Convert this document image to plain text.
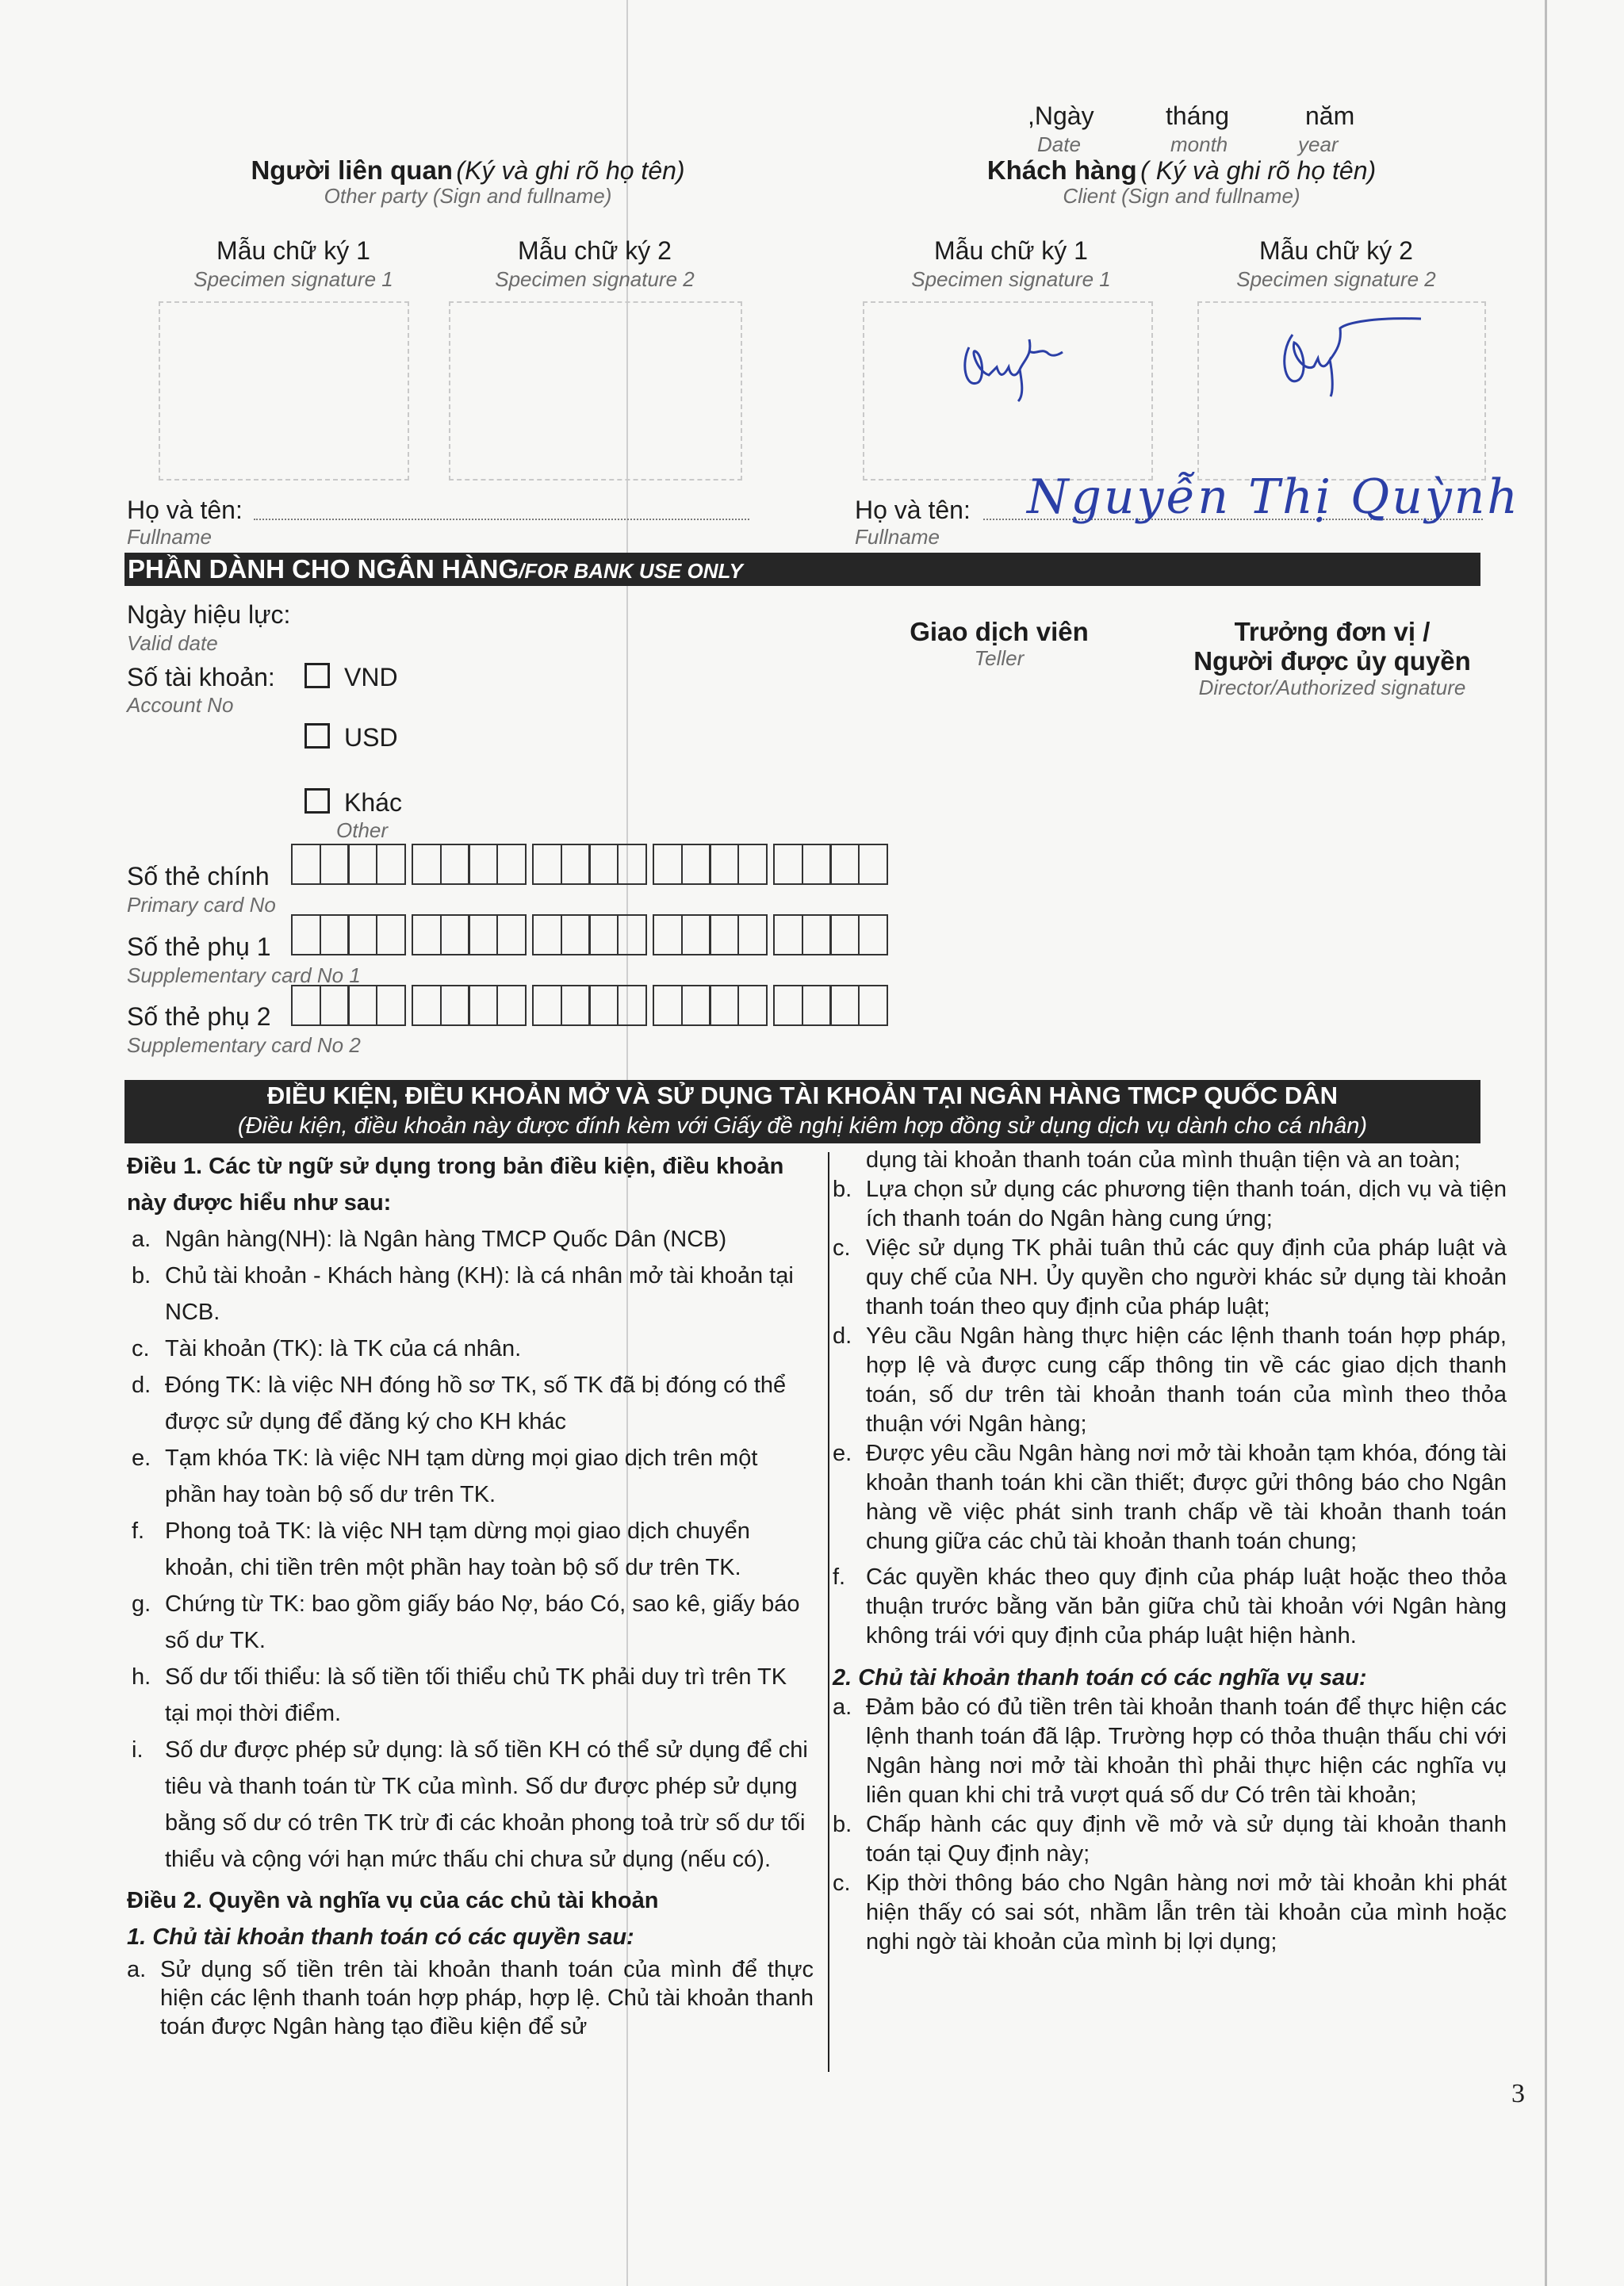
,Ngày	tháng	năm
Date	month	year
Người liên quan (Ký và ghi rõ họ tên)
Other party (Sign and fullname)
Khách hàng ( Ký và ghi rõ họ tên)
Client (Sign and fullname)
Mẫu chữ ký 1
Specimen signature 1
Mẫu chữ ký 2
Specimen signature 2
Mẫu chữ ký 1
Specimen signature 1
Mẫu chữ ký 2
Specimen signature 2
Họ và tên:
Fullname
Họ và tên:
Fullname
Nguyễn Thị Quỳnh
PHẦN DÀNH CHO NGÂN HÀNG/FOR BANK USE ONLY
Ngày hiệu lực:
Valid date
Số tài khoản:
Account No
VND
USD
Khác
Other
Giao dịch viên
Teller
Trưởng đơn vị /
Người được ủy quyền
Director/Authorized signature
Số thẻ chính
Primary card No
Số thẻ phụ 1
Supplementary card No 1
Số thẻ phụ 2
Supplementary card No 2
ĐIỀU KIỆN, ĐIỀU KHOẢN MỞ VÀ SỬ DỤNG TÀI KHOẢN TẠI NGÂN HÀNG TMCP QUỐC DÂN
(Điều kiện, điều khoản này được đính kèm với Giấy đề nghị kiêm hợp đồng sử dụng dịch vụ dành cho cá nhân)
Điều 1. Các từ ngữ sử dụng trong bản điều kiện, điều khoản này được hiểu như sau:
a. Ngân hàng(NH): là Ngân hàng TMCP Quốc Dân (NCB)
b. Chủ tài khoản - Khách hàng (KH): là cá nhân mở tài khoản tại NCB.
c. Tài khoản (TK): là TK của cá nhân.
d. Đóng TK: là việc NH đóng hồ sơ TK, số TK đã bị đóng có thể được sử dụng để đăng ký cho KH khác
e. Tạm khóa TK: là việc NH tạm dừng mọi giao dịch trên một phần hay toàn bộ số dư trên TK.
f. Phong toả TK: là việc NH tạm dừng mọi giao dịch chuyển khoản, chi tiền trên một phần hay toàn bộ số dư trên TK.
g. Chứng từ TK: bao gồm giấy báo Nợ, báo Có, sao kê, giấy báo số dư TK.
h. Số dư tối thiểu: là số tiền tối thiểu chủ TK phải duy trì trên TK tại mọi thời điểm.
i. Số dư được phép sử dụng: là số tiền KH có thể sử dụng để chi tiêu và thanh toán từ TK của mình. Số dư được phép sử dụng bằng số dư có trên TK trừ đi các khoản phong toả trừ số dư tối thiểu và cộng với hạn mức thấu chi chưa sử dụng (nếu có).
Điều 2. Quyền và nghĩa vụ của các chủ tài khoản
1. Chủ tài khoản thanh toán có các quyền sau:
a. Sử dụng số tiền trên tài khoản thanh toán của mình để thực hiện các lệnh thanh toán hợp pháp, hợp lệ. Chủ tài khoản thanh toán được Ngân hàng tạo điều kiện để sử
dụng tài khoản thanh toán của mình thuận tiện và an toàn;
b. Lựa chọn sử dụng các phương tiện thanh toán, dịch vụ và tiện ích thanh toán do Ngân hàng cung ứng;
c. Việc sử dụng TK phải tuân thủ các quy định của pháp luật và quy chế của NH. Ủy quyền cho người khác sử dụng tài khoản thanh toán theo quy định của pháp luật;
d. Yêu cầu Ngân hàng thực hiện các lệnh thanh toán hợp pháp, hợp lệ và được cung cấp thông tin về các giao dịch thanh toán, số dư trên tài khoản thanh toán của mình theo thỏa thuận với Ngân hàng;
e. Được yêu cầu Ngân hàng nơi mở tài khoản tạm khóa, đóng tài khoản thanh toán khi cần thiết; được gửi thông báo cho Ngân hàng về việc phát sinh tranh chấp về tài khoản thanh toán chung giữa các chủ tài khoản thanh toán chung;
f. Các quyền khác theo quy định của pháp luật hoặc theo thỏa thuận trước bằng văn bản giữa chủ tài khoản với Ngân hàng không trái với quy định của pháp luật hiện hành.
2. Chủ tài khoản thanh toán có các nghĩa vụ sau:
a. Đảm bảo có đủ tiền trên tài khoản thanh toán để thực hiện các lệnh thanh toán đã lập. Trường hợp có thỏa thuận thấu chi với Ngân hàng nơi mở tài khoản thì phải thực hiện các nghĩa vụ liên quan khi chi trả vượt quá số dư Có trên tài khoản;
b. Chấp hành các quy định về mở và sử dụng tài khoản thanh toán tại Quy định này;
c. Kịp thời thông báo cho Ngân hàng nơi mở tài khoản khi phát hiện thấy có sai sót, nhầm lẫn trên tài khoản của mình hoặc nghi ngờ tài khoản của mình bị lợi dụng;
3
